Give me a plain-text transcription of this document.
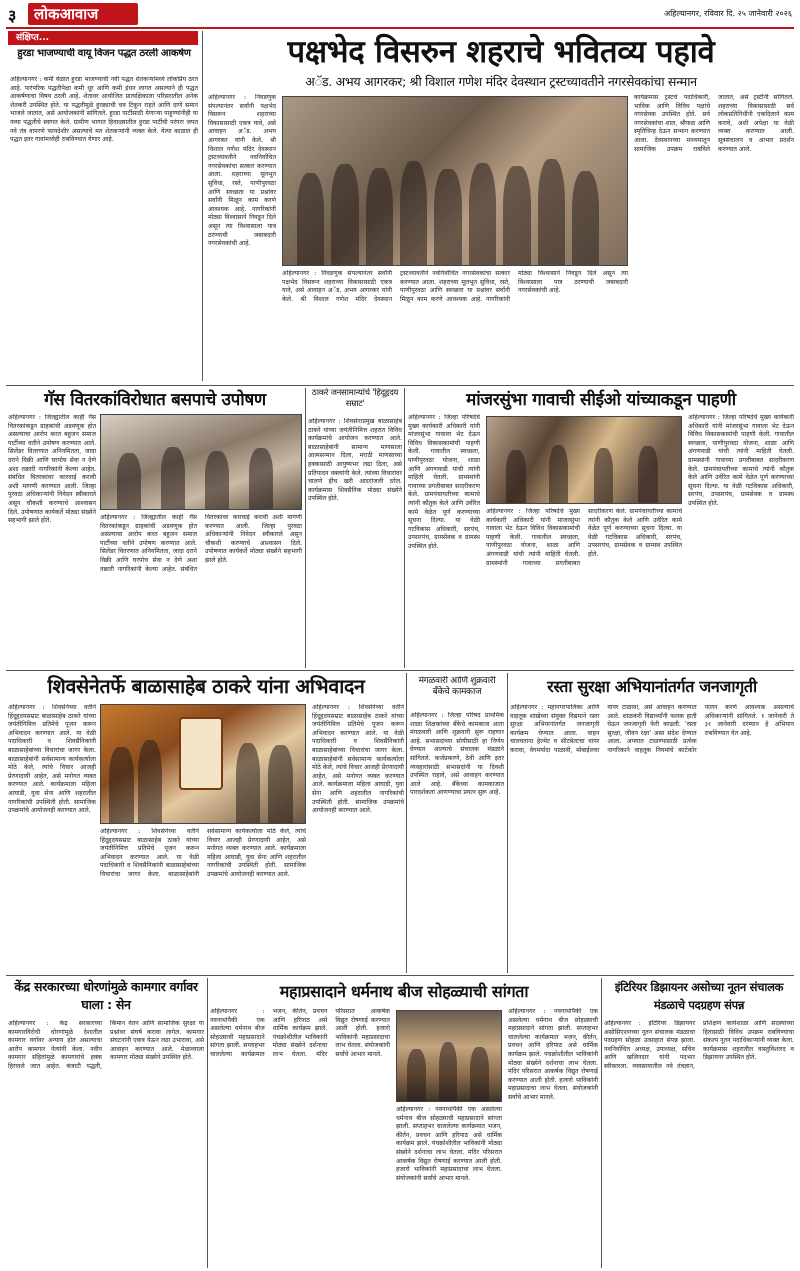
३	लोकआवाज	अहिल्यानगर, रविवार दि. २५ जानेवारी २०२६
संक्षिप्त...
हुरडा भाजण्याची वायू विजन पद्धत ठरली आकर्षण
अहिल्यानगर : कमी वेळात हुरडा भाजण्याची नवी पद्धत शेतकऱ्यांमध्ये लोकप्रिय ठरत आहे. पारंपरिक पद्धतीपेक्षा कमी धूर आणि कमी इंधन लागत असल्याने ही पद्धत आकर्षणाचा विषय ठरली आहे. शेतावर आयोजित प्रात्यक्षिकाला परिसरातील अनेक शेतकरी उपस्थित होते. या पद्धतीमुळे हुरड्याची चव टिकून राहते आणि दाणे समान भाजले जातात, असे आयोजकांनी सांगितले. हुरडा पार्टीसाठी येणाऱ्या पाहुण्यांनीही या नव्या पद्धतीचे स्वागत केले. ग्रामीण भागात हिवाळ्यातील हुरडा पार्टीची परंपरा जपत नवे तंत्र वापरणे फायदेशीर असल्याचे मत शेतकऱ्यांनी व्यक्त केले. येत्या काळात ही पद्धत इतर गावांमध्येही राबविण्यात येणार आहे.
पक्षभेद विसरुन शहराचे भवितव्य पहावे
अॅड. अभय आगरकर; श्री विशाल गणेश मंदिर देवस्थान ट्रस्टच्यावतीने नगरसेवकांचा सन्मान
अहिल्यानगर : निवडणुक संपल्यानंतर सर्वांनी पक्षभेद विसरून शहराच्या विकासासाठी एकत्र यावे, असे आवाहन अॅड. अभय आगरकर यांनी केले. श्री विशाल गणेश मंदिर देवस्थान ट्रस्टच्यावतीने नवनिर्वाचित नगरसेवकांचा सत्कार करण्यात आला. शहराच्या मूलभूत सुविधा, रस्ते, पाणीपुरवठा आणि स्वच्छता या प्रश्नांवर सर्वांनी मिळून काम करणे आवश्यक आहे. नागरिकांनी मोठ्या विश्वासाने निवडून दिले असून त्या विश्वासाला पात्र ठरण्याची जबाबदारी नगरसेवकांची आहे.
अहिल्यानगर : निवडणुक संपल्यानंतर सर्वांनी पक्षभेद विसरून शहराच्या विकासासाठी एकत्र यावे, असे आवाहन अॅड. अभय आगरकर यांनी केले. श्री विशाल गणेश मंदिर देवस्थान ट्रस्टच्यावतीने नवनिर्वाचित नगरसेवकांचा सत्कार करण्यात आला. शहराच्या मूलभूत सुविधा, रस्ते, पाणीपुरवठा आणि स्वच्छता या प्रश्नांवर सर्वांनी मिळून काम करणे आवश्यक आहे. नागरिकांनी मोठ्या विश्वासाने निवडून दिले असून त्या विश्वासाला पात्र ठरण्याची जबाबदारी नगरसेवकांची आहे.
कार्यक्रमास ट्रस्टचे पदाधिकारी, भाविक आणि विविध पक्षांचे नगरसेवक उपस्थित होते. सर्व नगरसेवकांचा शाल, श्रीफळ आणि स्मृतिचिन्ह देऊन सन्मान करण्यात आला. देवस्थानच्या माध्यमातून सामाजिक उपक्रम राबविले जातात, असे ट्रस्टींनी सांगितले. शहराच्या विकासासाठी सर्व लोकप्रतिनिधींनी एकदिलाने काम करावे, अशी अपेक्षा या वेळी व्यक्त करण्यात आली. सूत्रसंचालन व आभार प्रदर्शन करण्यात आले.
गॅस वितरकांविरोधात बसपाचे उपोषण
अहिल्यानगर : जिल्ह्यातील काही गॅस वितरकांकडून ग्राहकांची अडवणूक होत असल्याचा आरोप करत बहुजन समाज पार्टीच्या वतीने उपोषण करण्यात आले. सिलेंडर वितरणात अनियमितता, जादा दराने विक्री आणि घरपोच सेवा न देणे अशा तक्रारी नागरिकांनी केल्या आहेत. संबंधित वितरकांवर कारवाई करावी अशी मागणी करण्यात आली. जिल्हा पुरवठा अधिकाऱ्यांनी निवेदन स्वीकारले असून चौकशी करण्याचे आश्वासन दिले. उपोषणात कार्यकर्ते मोठ्या संख्येने सहभागी झाले होते.	अहिल्यानगर : जिल्ह्यातील काही गॅस वितरकांकडून ग्राहकांची अडवणूक होत असल्याचा आरोप करत बहुजन समाज पार्टीच्या वतीने उपोषण करण्यात आले. सिलेंडर वितरणात अनियमितता, जादा दराने विक्री आणि घरपोच सेवा न देणे अशा तक्रारी नागरिकांनी केल्या आहेत. संबंधित वितरकांवर कारवाई करावी अशी मागणी करण्यात आली. जिल्हा पुरवठा अधिकाऱ्यांनी निवेदन स्वीकारले असून चौकशी करण्याचे आश्वासन दिले. उपोषणात कार्यकर्ते मोठ्या संख्येने सहभागी झाले होते.
ठाकरे जनसामान्यांचे 'हिंदूहृदय सम्राट'
अहिल्यानगर : शिवसेनाप्रमुख बाळासाहेब ठाकरे यांच्या जयंतीनिमित्त शहरात विविध कार्यक्रमांचे आयोजन करण्यात आले. बाळासाहेबांनी सामान्य माणसाला आत्मसन्मान दिला, मराठी माणसाच्या हक्कासाठी आयुष्यभर लढा दिला, असे प्रतिपादन वक्त्यांनी केले. त्यांच्या विचारांवर चालणे हीच खरी आदरांजली ठरेल. कार्यक्रमास शिवसैनिक मोठ्या संख्येने उपस्थित होते.
मांजरसुंभा गावाची सीईओ यांच्याकडून पाहणी
अहिल्यानगर : जिल्हा परिषदेचे मुख्य कार्यकारी अधिकारी यांनी मांजरसुंभा गावाला भेट देऊन विविध विकासकामांची पाहणी केली. गावातील स्वच्छता, पाणीपुरवठा योजना, शाळा आणि अंगणवाडी यांची त्यांनी माहिती घेतली. ग्रामस्थांनी गावाच्या प्रगतीबाबत सादरीकरण केले. ग्रामपंचायतीच्या कामाचे त्यांनी कौतुक केले आणि उर्वरित कामे वेळेत पूर्ण करण्याच्या सूचना दिल्या. या वेळी गटविकास अधिकारी, सरपंच, उपसरपंच, ग्रामसेवक व ग्रामस्थ उपस्थित होते.
अहिल्यानगर : जिल्हा परिषदेचे मुख्य कार्यकारी अधिकारी यांनी मांजरसुंभा गावाला भेट देऊन विविध विकासकामांची पाहणी केली. गावातील स्वच्छता, पाणीपुरवठा योजना, शाळा आणि अंगणवाडी यांची त्यांनी माहिती घेतली. ग्रामस्थांनी गावाच्या प्रगतीबाबत सादरीकरण केले. ग्रामपंचायतीच्या कामाचे त्यांनी कौतुक केले आणि उर्वरित कामे वेळेत पूर्ण करण्याच्या सूचना दिल्या. या वेळी गटविकास अधिकारी, सरपंच, उपसरपंच, ग्रामसेवक व ग्रामस्थ उपस्थित होते.
अहिल्यानगर : जिल्हा परिषदेचे मुख्य कार्यकारी अधिकारी यांनी मांजरसुंभा गावाला भेट देऊन विविध विकासकामांची पाहणी केली. गावातील स्वच्छता, पाणीपुरवठा योजना, शाळा आणि अंगणवाडी यांची त्यांनी माहिती घेतली. ग्रामस्थांनी गावाच्या प्रगतीबाबत सादरीकरण केले. ग्रामपंचायतीच्या कामाचे त्यांनी कौतुक केले आणि उर्वरित कामे वेळेत पूर्ण करण्याच्या सूचना दिल्या. या वेळी गटविकास अधिकारी, सरपंच, उपसरपंच, ग्रामसेवक व ग्रामस्थ उपस्थित होते.
शिवसेनेतर्फे बाळासाहेब ठाकरे यांना अभिवादन
अहिल्यानगर : शिवसेनेच्या वतीने हिंदूहृदयसम्राट बाळासाहेब ठाकरे यांच्या जयंतीनिमित्त प्रतिमेचे पूजन करून अभिवादन करण्यात आले. या वेळी पदाधिकारी व शिवसैनिकांनी बाळासाहेबांच्या विचारांचा जागर केला. बाळासाहेबांनी सर्वसामान्य कार्यकर्त्याला मोठे केले, त्यांचे विचार आजही प्रेरणादायी आहेत, असे मनोगत व्यक्त करण्यात आले. कार्यक्रमाला महिला आघाडी, युवा सेना आणि शहरातील नागरिकांची उपस्थिती होती. सामाजिक उपक्रमांचे आयोजनही करण्यात आले.
अहिल्यानगर : शिवसेनेच्या वतीने हिंदूहृदयसम्राट बाळासाहेब ठाकरे यांच्या जयंतीनिमित्त प्रतिमेचे पूजन करून अभिवादन करण्यात आले. या वेळी पदाधिकारी व शिवसैनिकांनी बाळासाहेबांच्या विचारांचा जागर केला. बाळासाहेबांनी सर्वसामान्य कार्यकर्त्याला मोठे केले, त्यांचे विचार आजही प्रेरणादायी आहेत, असे मनोगत व्यक्त करण्यात आले. कार्यक्रमाला महिला आघाडी, युवा सेना आणि शहरातील नागरिकांची उपस्थिती होती. सामाजिक उपक्रमांचे आयोजनही करण्यात आले.
अहिल्यानगर : शिवसेनेच्या वतीने हिंदूहृदयसम्राट बाळासाहेब ठाकरे यांच्या जयंतीनिमित्त प्रतिमेचे पूजन करून अभिवादन करण्यात आले. या वेळी पदाधिकारी व शिवसैनिकांनी बाळासाहेबांच्या विचारांचा जागर केला. बाळासाहेबांनी सर्वसामान्य कार्यकर्त्याला मोठे केले, त्यांचे विचार आजही प्रेरणादायी आहेत, असे मनोगत व्यक्त करण्यात आले. कार्यक्रमाला महिला आघाडी, युवा सेना आणि शहरातील नागरिकांची उपस्थिती होती. सामाजिक उपक्रमांचे आयोजनही करण्यात आले.
मंगळवारी आणि शुक्रवारी बँकेचे कामकाज
अहिल्यानगर : जिल्हा परिषद प्राथमिक शाळा शिक्षकांच्या बँकेचे कामकाज आता मंगळवारी आणि शुक्रवारी सुरू राहणार आहे. सभासदांच्या सोयीसाठी हा निर्णय घेण्यात आल्याचे संचालक मंडळाने सांगितले. कर्जप्रकरणे, ठेवी आणि इतर व्यवहारांसाठी सभासदांनी या दिवशी उपस्थित राहावे, असे आवाहन करण्यात आले आहे. बँकेच्या कामकाजात पारदर्शकता आणण्याचा प्रयत्न सुरू आहे.
रस्ता सुरक्षा अभियानांतर्गत जनजागृती
अहिल्यानगर : महानगरपालिका आणि वाहतूक शाखेच्या संयुक्त विद्यमाने रस्ता सुरक्षा अभियानांतर्गत जनजागृती कार्यक्रम घेण्यात आला. वाहन चालवताना हेल्मेट व सीटबेल्टचा वापर करावा, वेगमर्यादा पाळावी, मोबाईलचा वापर टाळावा, असे आवाहन करण्यात आले. शाळकरी विद्यार्थ्यांनी फलक हाती घेऊन जनजागृती फेरी काढली. 'रस्ता सुरक्षा, जीवन रक्षा' असा संदेश देण्यात आला. अपघात टाळण्यासाठी प्रत्येक नागरिकाने वाहतूक नियमांचे काटेकोर पालन करणे आवश्यक असल्याचे अधिकाऱ्यांनी सांगितले. १ जानेवारी ते ३१ जानेवारी दरम्यान हे अभियान राबविण्यात येत आहे.
केंद्र सरकारच्या धोरणांमुळे कामगार वर्गावर घाला : सेन
अहिल्यानगर : केंद्र सरकारच्या कामगारविरोधी धोरणांमुळे देशातील कामगार वर्गावर अन्याय होत असल्याचा आरोप कामगार नेत्यांनी केला. नवीन कामगार संहितांमुळे कामगारांचे हक्क हिरावले जात आहेत. कंत्राटी पद्धती, किमान वेतन आणि सामाजिक सुरक्षा या प्रश्नांवर संघर्ष करावा लागेल. कामगार संघटनांनी एकत्र येऊन लढा उभारावा, असे आवाहन करण्यात आले. मेळाव्याला कामगार मोठ्या संख्येने उपस्थित होते.
महाप्रसादाने धर्मनाथ बीज सोहळ्याची सांगता
अहिल्यानगर : नवनाथांपैकी एक असलेल्या धर्मनाथ बीज सोहळ्याची महाप्रसादाने सांगता झाली. सप्ताहभर चाललेल्या कार्यक्रमात भजन, कीर्तन, प्रवचन आणि हरिपाठ असे धार्मिक कार्यक्रम झाले. पंचक्रोशीतील भाविकांनी मोठ्या संख्येने दर्शनाचा लाभ घेतला. मंदिर परिसरात आकर्षक विद्युत रोषणाई करण्यात आली होती. हजारो भाविकांनी महाप्रसादाचा लाभ घेतला. संयोजकांनी सर्वांचे आभार मानले.
अहिल्यानगर : नवनाथांपैकी एक असलेल्या धर्मनाथ बीज सोहळ्याची महाप्रसादाने सांगता झाली. सप्ताहभर चाललेल्या कार्यक्रमात भजन, कीर्तन, प्रवचन आणि हरिपाठ असे धार्मिक कार्यक्रम झाले. पंचक्रोशीतील भाविकांनी मोठ्या संख्येने दर्शनाचा लाभ घेतला. मंदिर परिसरात आकर्षक विद्युत रोषणाई करण्यात आली होती. हजारो भाविकांनी महाप्रसादाचा लाभ घेतला. संयोजकांनी सर्वांचे आभार मानले.
अहिल्यानगर : नवनाथांपैकी एक असलेल्या धर्मनाथ बीज सोहळ्याची महाप्रसादाने सांगता झाली. सप्ताहभर चाललेल्या कार्यक्रमात भजन, कीर्तन, प्रवचन आणि हरिपाठ असे धार्मिक कार्यक्रम झाले. पंचक्रोशीतील भाविकांनी मोठ्या संख्येने दर्शनाचा लाभ घेतला. मंदिर परिसरात आकर्षक विद्युत रोषणाई करण्यात आली होती. हजारो भाविकांनी महाप्रसादाचा लाभ घेतला. संयोजकांनी सर्वांचे आभार मानले.
इंटिरियर डिझायनर असोच्या नूतन संचालक मंडळाचे पदग्रहण संपन्न
अहिल्यानगर : इंटिरियर डिझायनर असोसिएशनच्या नूतन संचालक मंडळाचा पदग्रहण सोहळा उत्साहात संपन्न झाला. नवनिर्वाचित अध्यक्ष, उपाध्यक्ष, सचिव आणि खजिनदार यांनी पदभार स्वीकारला. व्यवसायातील नवे तंत्रज्ञान, प्रशिक्षण कार्यशाळा आणि सदस्यांच्या हितासाठी विविध उपक्रम राबविण्याचा संकल्प नूतन पदाधिकाऱ्यांनी व्यक्त केला. कार्यक्रमास शहरातील वास्तुविशारद व डिझायनर उपस्थित होते.
